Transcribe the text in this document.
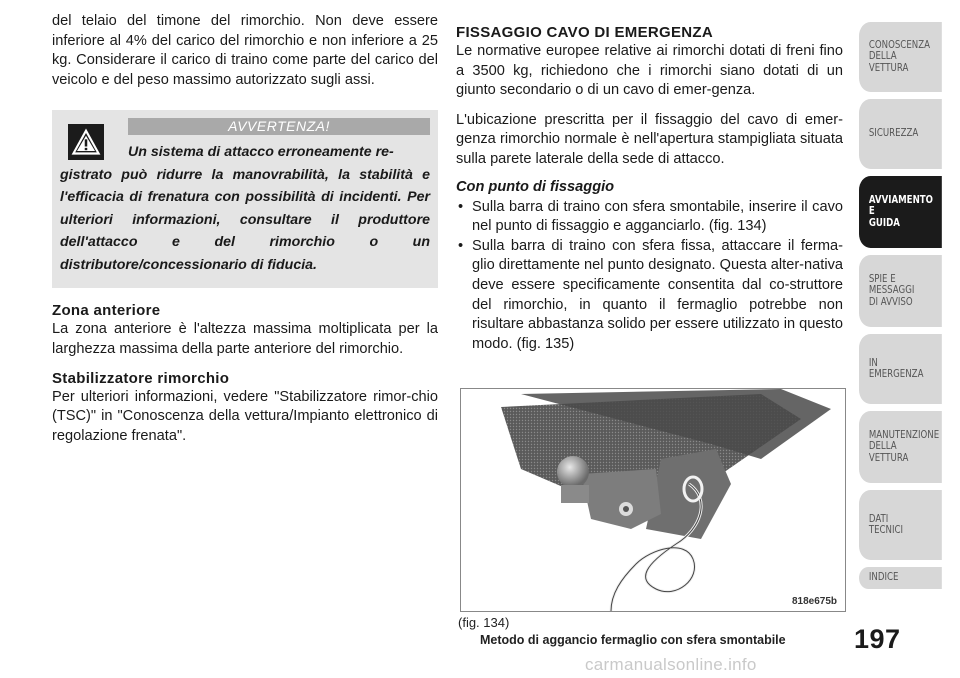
del telaio del timone del rimorchio. Non deve essere inferiore al 4% del carico del rimorchio e non inferiore a 25 kg. Considerare il carico di traino come parte del carico del veicolo e del peso massimo autorizzato sugli assi.

AVVERTENZA!
Un sistema di attacco erroneamente re-
gistrato può ridurre la manovrabilità, la stabilità e l'efficacia di frenatura con possibilità di incidenti. Per ulteriori informazioni, consultare il produttore dell'attacco e del rimorchio o un distributore/concessionario di fiducia.
Zona anteriore

La zona anteriore è l'altezza massima moltiplicata per la larghezza massima della parte anteriore del rimorchio.

Stabilizzatore rimorchio

Per ulteriori informazioni, vedere "Stabilizzatore rimor-chio (TSC)" in "Conoscenza della vettura/Impianto elettronico di regolazione frenata".

FISSAGGIO CAVO DI EMERGENZA

Le normative europee relative ai rimorchi dotati di freni fino a 3500 kg, richiedono che i rimorchi siano dotati di un giunto secondario o di un cavo di emer-genza.

L'ubicazione prescritta per il fissaggio del cavo di emer-genza rimorchio normale è nell'apertura stampigliata situata sulla parete laterale della sede di attacco.

Con punto di fissaggio
• Sulla barra di traino con sfera smontabile, inserire il cavo nel punto di fissaggio e agganciarlo. (fig. 134)
• Sulla barra di traino con sfera fissa, attaccare il ferma-glio direttamente nel punto designato. Questa alter-nativa deve essere specificamente consentita dal co-struttore del rimorchio, in quanto il fermaglio potrebbe non risultare abbastanza solido per essere utilizzato in questo modo. (fig. 135)
818e675b
(fig. 134)
Metodo di aggancio fermaglio con sfera smontabile
CONOSCENZA
DELLA
VETTURA
SICUREZZA
AVVIAMENTO
E
GUIDA
SPIE E
MESSAGGI
DI AVVISO
IN
EMERGENZA
MANUTENZIONE
DELLA
VETTURA
DATI
TECNICI
INDICE
197
carmanualsonline.info
